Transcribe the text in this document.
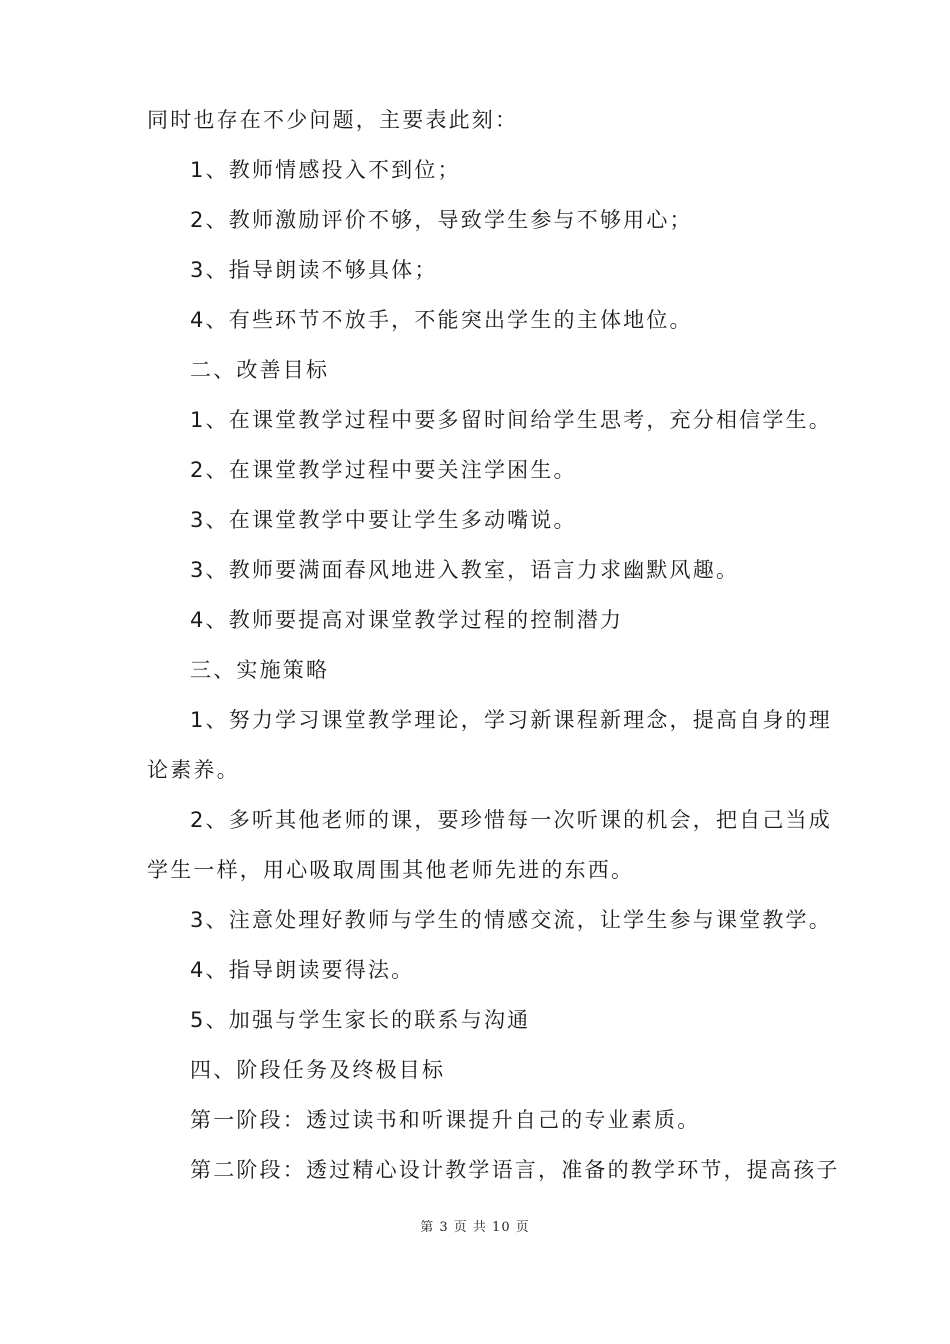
同时也存在不少问题，主要表此刻：

1、教师情感投入不到位；

2、教师激励评价不够，导致学生参与不够用心；

3、指导朗读不够具体；

4、有些环节不放手，不能突出学生的主体地位。

二、改善目标

1、在课堂教学过程中要多留时间给学生思考，充分相信学生。

2、在课堂教学过程中要关注学困生。

3、在课堂教学中要让学生多动嘴说。

3、教师要满面春风地进入教室，语言力求幽默风趣。

4、教师要提高对课堂教学过程的控制潜力

三、实施策略

1、努力学习课堂教学理论，学习新课程新理念，提高自身的理

论素养。

2、多听其他老师的课，要珍惜每一次听课的机会，把自己当成

学生一样，用心吸取周围其他老师先进的东西。

3、注意处理好教师与学生的情感交流，让学生参与课堂教学。

4、指导朗读要得法。

5、加强与学生家长的联系与沟通

四、阶段任务及终极目标

第一阶段：透过读书和听课提升自己的专业素质。

第二阶段：透过精心设计教学语言，准备的教学环节，提高孩子

第 3 页 共 10 页
